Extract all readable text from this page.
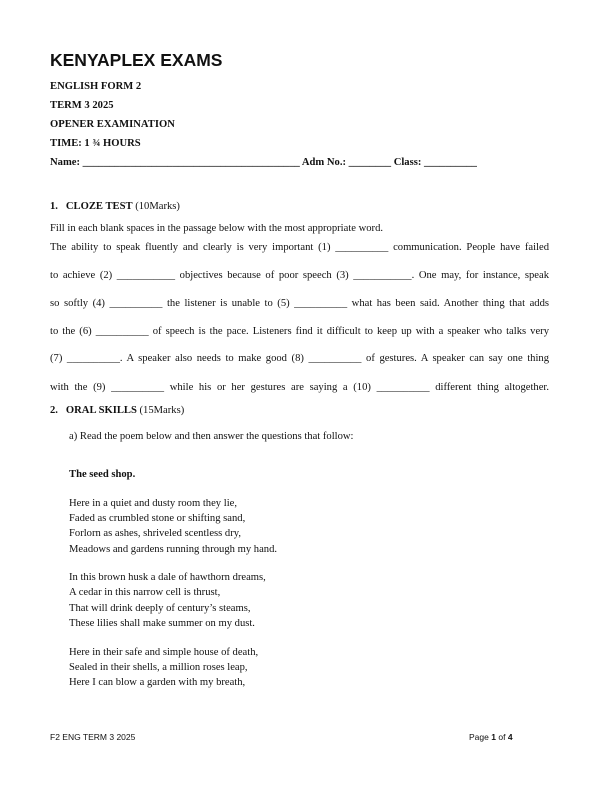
KENYAPLEX EXAMS
ENGLISH FORM 2
TERM 3 2025
OPENER EXAMINATION
TIME: 1 ¾ HOURS
Name: _________________________________________ Adm No.: ________ Class: __________
1. CLOZE TEST (10Marks)
Fill in each blank spaces in the passage below with the most appropriate word.
The ability to speak fluently and clearly is very important (1) __________ communication. People have failed
to achieve (2) ___________ objectives because of poor speech (3) ___________. One may, for instance, speak
so softly (4) __________ the listener is unable to (5) __________ what has been said. Another thing that adds
to the (6) __________ of speech is the pace. Listeners find it difficult to keep up with a speaker who talks very
(7) __________. A speaker also needs to make good (8) __________ of gestures. A speaker can say one thing
with the (9) __________ while his or her gestures are saying a (10) __________ different thing altogether.
2. ORAL SKILLS (15Marks)
a) Read the poem below and then answer the questions that follow:
The seed shop.
Here in a quiet and dusty room they lie,
Faded as crumbled stone or shifting sand,
Forlorn as ashes, shriveled scentless dry,
Meadows and gardens running through my hand.
In this brown husk a dale of hawthorn dreams,
A cedar in this narrow cell is thrust,
That will drink deeply of century’s steams,
These lilies shall make summer on my dust.
Here in their safe and simple house of death,
Sealed in their shells, a million roses leap,
Here I can blow a garden with my breath,
F2 ENG TERM 3 2025	Page 1 of 4
